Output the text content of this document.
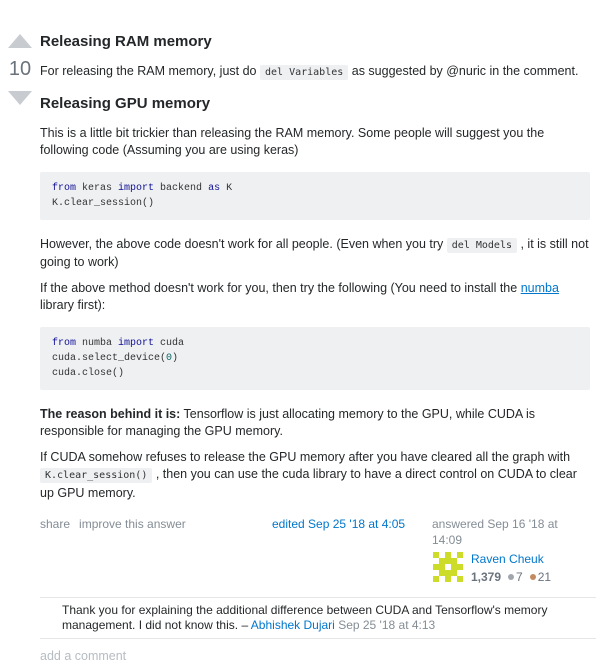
10
Releasing RAM memory

For releasing the RAM memory, just do del Variables as suggested by @nuric in the comment.

Releasing GPU memory

This is a little bit trickier than releasing the RAM memory. Some people will suggest you the following code (Assuming you are using keras)

from keras import backend as K
K.clear_session()

However, the above code doesn't work for all people. (Even when you try del Models , it is still not going to work)

If the above method doesn't work for you, then try the following (You need to install the numba library first):

from numba import cuda
cuda.select_device(0)
cuda.close()

The reason behind it is: Tensorflow is just allocating memory to the GPU, while CUDA is responsible for managing the GPU memory.

If CUDA somehow refuses to release the GPU memory after you have cleared all the graph with K.clear_session() , then you can use the cuda library to have a direct control on CUDA to clear up GPU memory.

share improve this answer	edited Sep 25 '18 at 4:05	answered Sep 16 '18 at 14:09
Raven Cheuk
1,379 7 21
Thank you for explaining the additional difference between CUDA and Tensorflow's memory management. I did not know this. – Abhishek Dujari Sep 25 '18 at 4:13
add a comment
